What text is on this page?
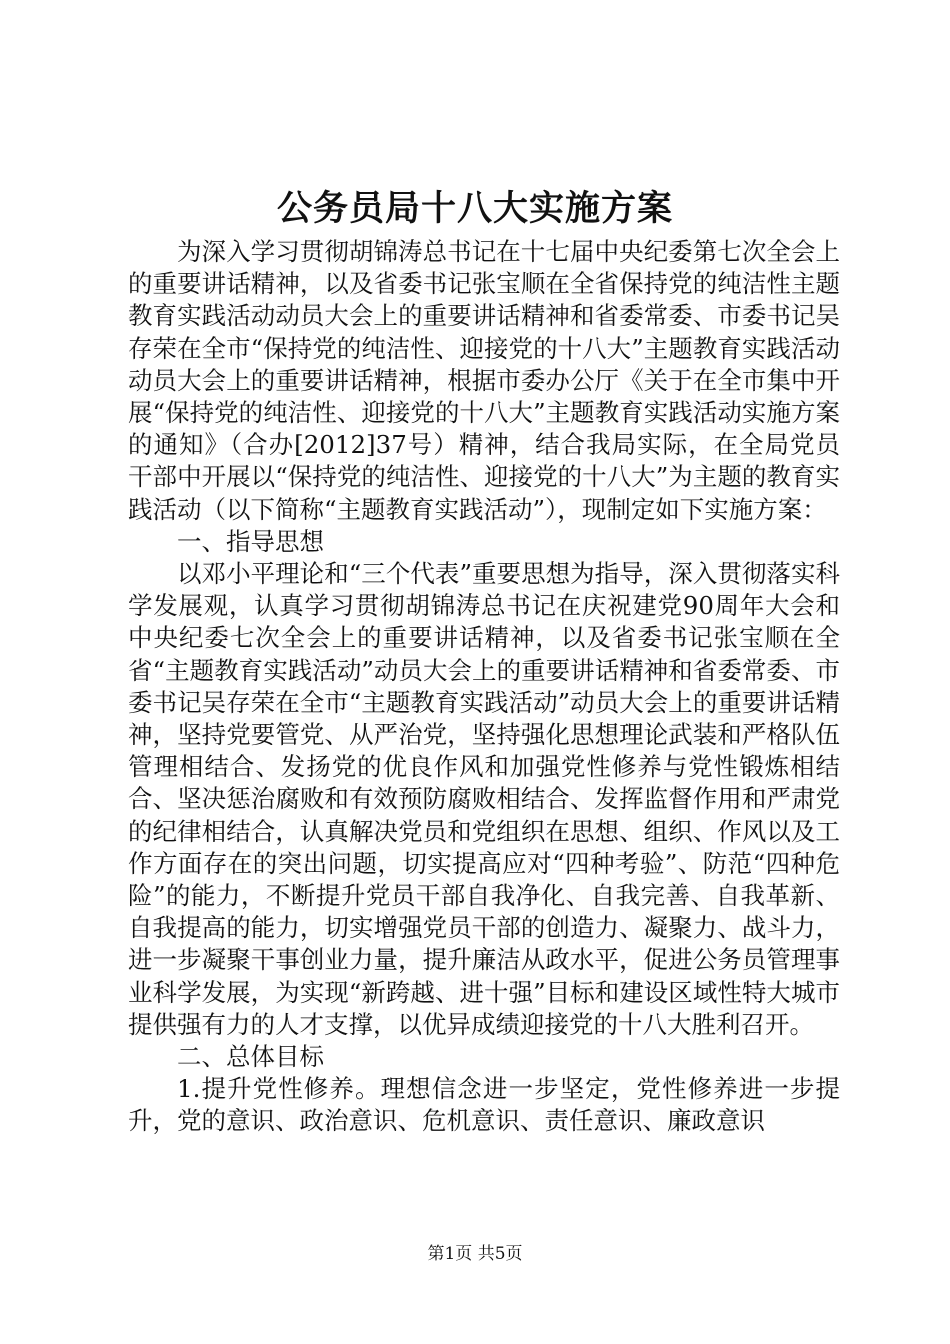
公务员局十八大实施方案

为深入学习贯彻胡锦涛总书记在十七届中央纪委第七次全会上的重要讲话精神，以及省委书记张宝顺在全省保持党的纯洁性主题教育实践活动动员大会上的重要讲话精神和省委常委、市委书记吴存荣在全市“保持党的纯洁性、迎接党的十八大”主题教育实践活动动员大会上的重要讲话精神，根据市委办公厅《关于在全市集中开展“保持党的纯洁性、迎接党的十八大”主题教育实践活动实施方案的通知》（合办[2012]37号）精神，结合我局实际，在全局党员干部中开展以“保持党的纯洁性、迎接党的十八大”为主题的教育实践活动（以下简称“主题教育实践活动”），现制定如下实施方案：

一、指导思想

以邓小平理论和“三个代表”重要思想为指导，深入贯彻落实科学发展观，认真学习贯彻胡锦涛总书记在庆祝建党90周年大会和中央纪委七次全会上的重要讲话精神，以及省委书记张宝顺在全省“主题教育实践活动”动员大会上的重要讲话精神和省委常委、市委书记吴存荣在全市“主题教育实践活动”动员大会上的重要讲话精神，坚持党要管党、从严治党，坚持强化思想理论武装和严格队伍管理相结合、发扬党的优良作风和加强党性修养与党性锻炼相结合、坚决惩治腐败和有效预防腐败相结合、发挥监督作用和严肃党的纪律相结合，认真解决党员和党组织在思想、组织、作风以及工作方面存在的突出问题，切实提高应对“四种考验”、防范“四种危险”的能力，不断提升党员干部自我净化、自我完善、自我革新、自我提高的能力，切实增强党员干部的创造力、凝聚力、战斗力，进一步凝聚干事创业力量，提升廉洁从政水平，促进公务员管理事业科学发展，为实现“新跨越、进十强”目标和建设区域性特大城市提供强有力的人才支撑，以优异成绩迎接党的十八大胜利召开。

二、总体目标

1.提升党性修养。理想信念进一步坚定，党性修养进一步提升，党的意识、政治意识、危机意识、责任意识、廉政意识

第1页 共5页
